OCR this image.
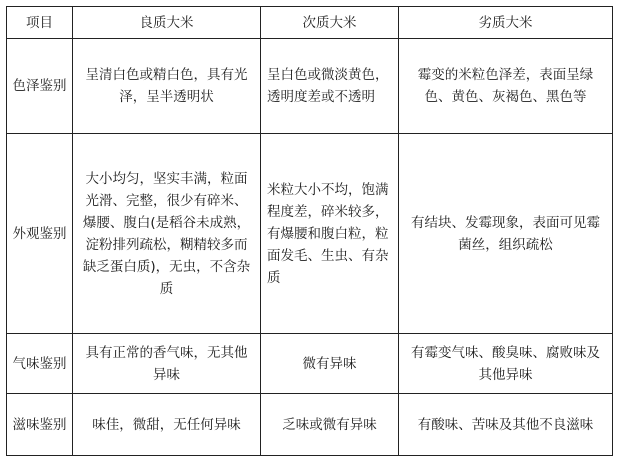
项目	良质大米	次质大米	劣质大米
色泽鉴别	呈清白色或精白色，具有光泽，呈半透明状	呈白色或微淡黄色，透明度差或不透明	霉变的米粒色泽差，表面呈绿色、黄色、灰褐色、黑色等
外观鉴别	大小均匀，坚实丰满，粒面光滑、完整，很少有碎米、爆腰、腹白(是稻谷未成熟，淀粉排列疏松，糊精较多而缺乏蛋白质)，无虫，不含杂质	米粒大小不均，饱满程度差，碎米较多，有爆腰和腹白粒，粒面发毛、生虫、有杂质	有结块、发霉现象，表面可见霉菌丝，组织疏松
气味鉴别	具有正常的香气味，无其他异味	微有异味	有霉变气味、酸臭味、腐败味及其他异味
滋味鉴别	味佳，微甜，无任何异味	乏味或微有异味	有酸味、苦味及其他不良滋味
